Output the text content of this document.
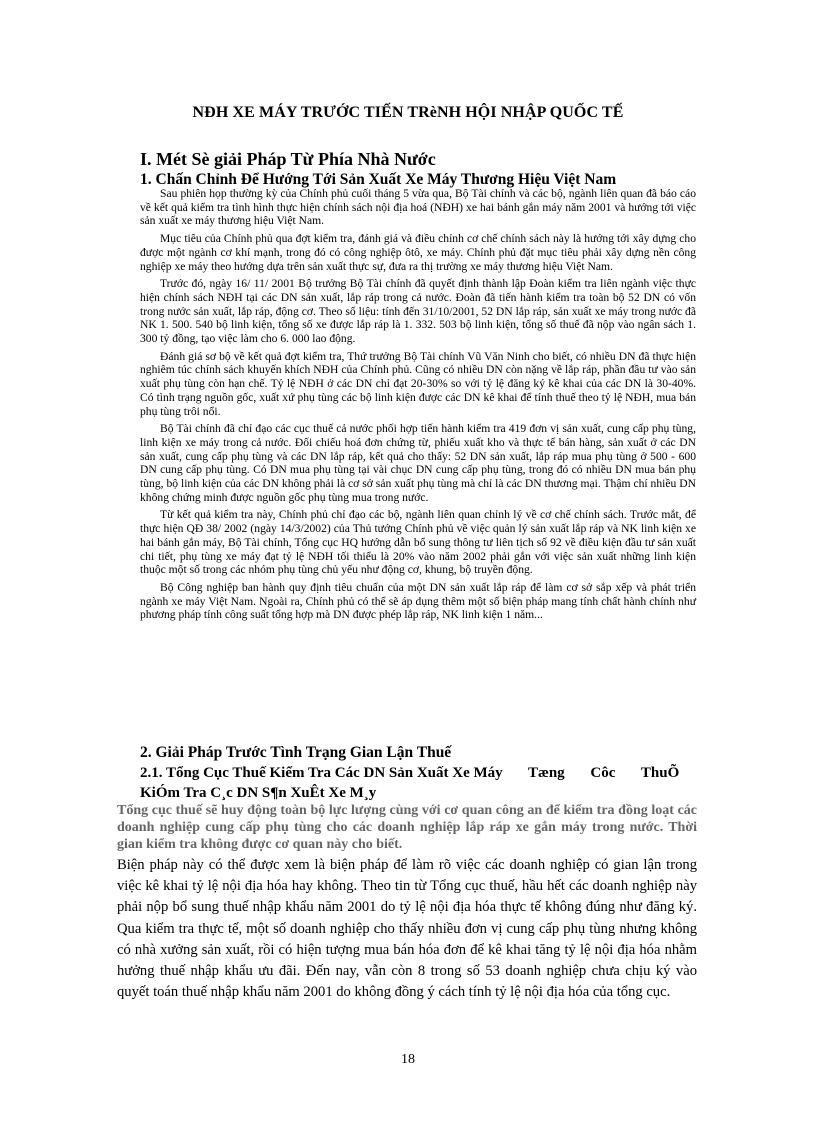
NĐH XE MÁY TRƯỚC TIẾN TRèNH HỘI NHẬP QUỐC TẾ
I. Mét Sè giải Pháp Từ Phía Nhà Nước
1. Chấn Chỉnh Để Hướng Tới Sản Xuất Xe Máy Thương Hiệu Việt Nam

Sau phiên họp thường kỳ của Chính phủ cuối tháng 5 vừa qua, Bộ Tài chính và các bộ, ngành liên quan đã báo cáo về kết quả kiểm tra tình hình thực hiện chính sách nội địa hoá (NĐH) xe hai bánh gắn máy năm 2001 và hướng tới việc sản xuất xe máy thương hiệu Việt Nam.

Mục tiêu của Chính phủ qua đợt kiểm tra, đánh giá và điều chỉnh cơ chế chính sách này là hướng tới xây dựng cho được một ngành cơ khí mạnh, trong đó có công nghiệp ôtô, xe máy. Chính phủ đặt mục tiêu phải xây dựng nền công nghiệp xe máy theo hướng dựa trên sản xuất thực sự, đưa ra thị trường xe máy thương hiệu Việt Nam.

Trước đó, ngày 16/ 11/ 2001 Bộ trưởng Bộ Tài chính đã quyết định thành lập Đoàn kiểm tra liên ngành việc thực hiện chính sách NĐH tại các DN sản xuất, lắp ráp trong cả nước. Đoàn đã tiến hành kiểm tra toàn bộ 52 DN có vốn trong nước sản xuất, lắp ráp, động cơ. Theo số liệu: tính đến 31/10/2001, 52 DN lắp ráp, sản xuất xe máy trong nước đã NK 1. 500. 540 bộ linh kiện, tổng số xe được lắp ráp là 1. 332. 503 bộ linh kiện, tổng số thuế đã nộp vào ngân sách 1. 300 tỷ đồng, tạo việc làm cho 6. 000 lao động.

Đánh giá sơ bộ về kết quả đợt kiểm tra, Thứ trưởng Bộ Tài chính Vũ Văn Ninh cho biết, có nhiều DN đã thực hiện nghiêm túc chính sách khuyến khích NĐH của Chính phủ. Cũng có nhiều DN còn nặng về lắp ráp, phần đầu tư vào sản xuất phụ tùng còn hạn chế. Tỷ lệ NĐH ở các DN chỉ đạt 20-30% so với tỷ lệ đăng ký kê khai của các DN là 30-40%. Có tình trạng nguồn gốc, xuất xứ phụ tùng các bộ linh kiện được các DN kê khai để tính thuế theo tỷ lệ NĐH, mua bán phụ tùng trôi nổi.

Bộ Tài chính đã chỉ đạo các cục thuế cả nước phối hợp tiến hành kiểm tra 419 đơn vị sản xuất, cung cấp phụ tùng, linh kiện xe máy trong cả nước. Đối chiếu hoá đơn chứng từ, phiếu xuất kho và thực tế bán hàng, sản xuất ở các DN sản xuất, cung cấp phụ tùng và các DN lắp ráp, kết quả cho thấy: 52 DN sản xuất, lắp ráp mua phụ tùng ở 500 - 600 DN cung cấp phụ tùng. Có DN mua phụ tùng tại vài chục DN cung cấp phụ tùng, trong đó có nhiều DN mua bán phụ tùng, bộ linh kiện của các DN không phải là cơ sở sản xuất phụ tùng mà chỉ là các DN thương mại. Thậm chí nhiều DN không chứng minh được nguồn gốc phụ tùng mua trong nước.

Từ kết quả kiểm tra này, Chính phủ chỉ đạo các bộ, ngành liên quan chỉnh lý về cơ chế chính sách. Trước mắt, để thực hiện QĐ 38/ 2002 (ngày 14/3/2002) của Thủ tướng Chính phủ về việc quản lý sản xuất lắp ráp và NK linh kiện xe hai bánh gắn máy, Bộ Tài chính, Tổng cục HQ hướng dẫn bổ sung thông tư liên tịch số 92 về điều kiện đầu tư sản xuất chi tiết, phụ tùng xe máy đạt tỷ lệ NĐH tối thiểu là 20% vào năm 2002 phải gắn với việc sản xuất những linh kiện thuộc một số trong các nhóm phụ tùng chủ yếu như động cơ, khung, bộ truyền động.

Bộ Công nghiệp ban hành quy định tiêu chuẩn của một DN sản xuất lắp ráp để làm cơ sở sắp xếp và phát triển ngành xe máy Việt Nam. Ngoài ra, Chính phủ có thể sẽ áp dụng thêm một số biện pháp mang tính chất hành chính như phương pháp tính công suất tổng hợp mà DN được phép lắp ráp, NK linh kiện 1 năm...

2. Giải Pháp Trước Tình Trạng Gian Lận Thuế
2.1. Tổng Cục Thuế Kiểm Tra Các DN Sản Xuất Xe Máy Tæng Côc ThuÕ
KiÓm Tra C¸c DN S¶n XuÊt Xe M¸y
Tổng cục thuế sẽ huy động toàn bộ lực lượng cùng với cơ quan công an để kiểm tra đồng loạt các doanh nghiệp cung cấp phụ tùng cho các doanh nghiệp lắp ráp xe gắn máy trong nước. Thời gian kiểm tra không được cơ quan này cho biết.
Biện pháp này có thể được xem là biện pháp để làm rõ việc các doanh nghiệp có gian lận trong việc kê khai tỷ lệ nội địa hóa hay không. Theo tin từ Tổng cục thuế, hầu hết các doanh nghiệp này phải nộp bổ sung thuế nhập khẩu năm 2001 do tỷ lệ nội địa hóa thực tế không đúng như đăng ký. Qua kiểm tra thực tế, một số doanh nghiệp cho thấy nhiều đơn vị cung cấp phụ tùng nhưng không có nhà xưởng sản xuất, rồi có hiện tượng mua bán hóa đơn để kê khai tăng tỷ lệ nội địa hóa nhằm hưởng thuế nhập khẩu ưu đãi. Đến nay, vẫn còn 8 trong số 53 doanh nghiệp chưa chịu ký vào quyết toán thuế nhập khẩu năm 2001 do không đồng ý cách tính tỷ lệ nội địa hóa của tổng cục.
18
